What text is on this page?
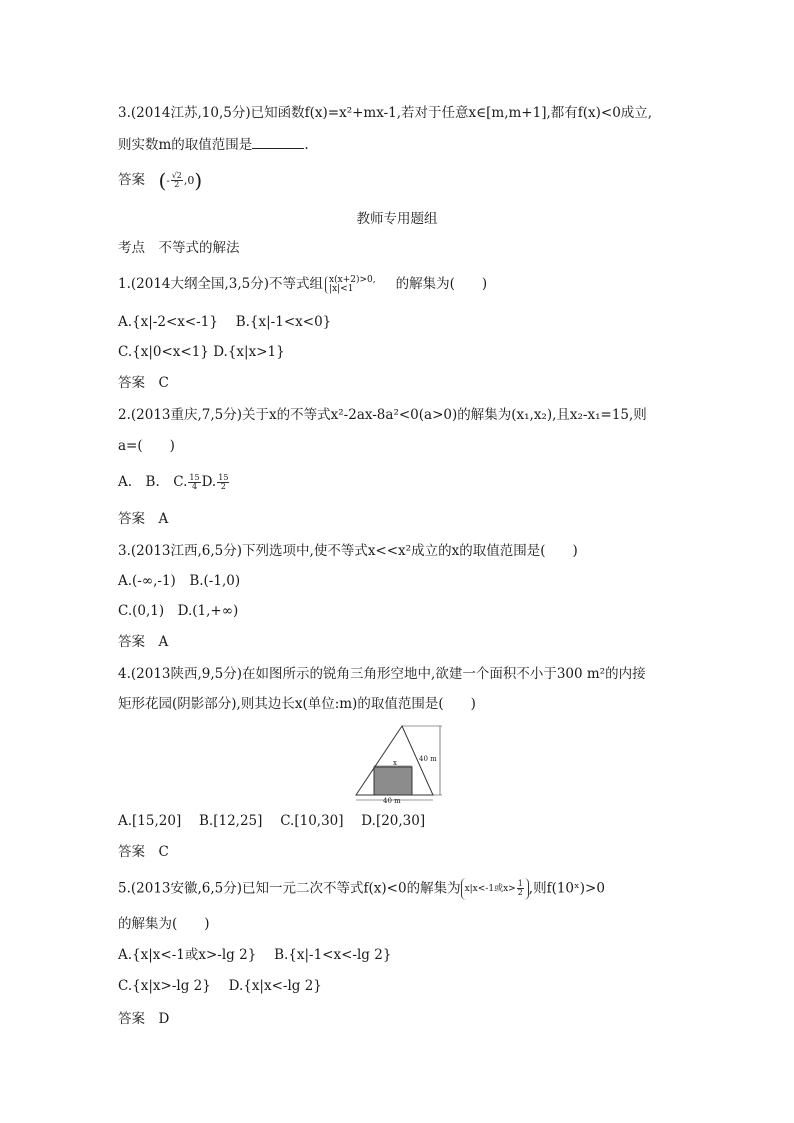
3.(2014江苏,10,5分)已知函数f(x)=x²+mx-1,若对于任意x∈[m,m+1],都有f(x)<0成立,
则实数m的取值范围是	.
答案　 (- $\frac{√2}{2} ,0$)
教师专用题组
考点　不等式的解法
1.(2014大纲全国,3,5分)不等式组 x(x+2)>0,
|x|<1	的解集为(　　)
A.{x|-2<x<-1}　 B.{x|-1<x<0}
C.{x|0<x<1} D.{x|x>1}
答案　C
2.(2013重庆,7,5分)关于x的不等式x²-2ax-8a²<0(a>0)的解集为(x₁,x₂),且x₂-x₁=15,则
a=(　　)
A.　B.　C. $\frac{15}{4} D$. $\frac{15}{2}$
答案　A
3.(2013江西,6,5分)下列选项中,使不等式x<<x²成立的x的取值范围是(　　)
A.(-∞,-1)　B.(-1,0)
C.(0,1)　D.(1,+∞)
答案　A
4.(2013陕西,9,5分)在如图所示的锐角三角形空地中,欲建一个面积不小于300 m²的内接
矩形花园(阴影部分),则其边长x(单位:m)的取值范围是(　　)
x	40 m
40 m
A.[15,20]　 B.[12,25]　 C.[10,30]　 D.[20,30]
答案　C
5.(2013安徽,6,5分)已知一元二次不等式f(x)<0的解集为 x|x<-1或$x> \frac{1}{2}$ ,则f(10ˣ)>0
的解集为(　　)
A.{x|x<-1或x>-lg 2}　 B.{x|-1<x<-lg 2}
C.{x|x>-lg 2}　 D.{x|x<-lg 2}
答案　D
